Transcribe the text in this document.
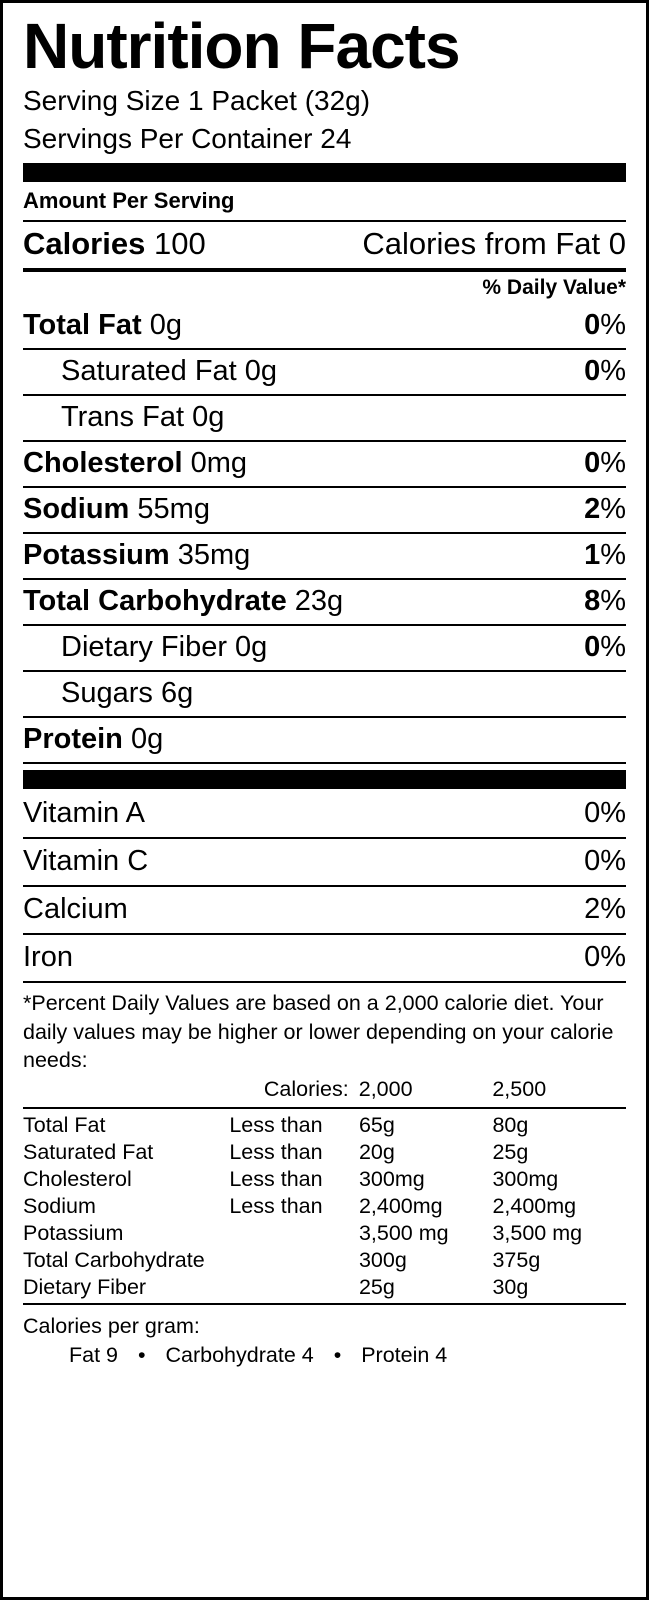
Nutrition Facts
Serving Size 1 Packet (32g)
Servings Per Container 24
Amount Per Serving
Calories 100	Calories from Fat 0
% Daily Value*
Total Fat 0g	0%
Saturated Fat 0g	0%
Trans Fat 0g

Cholesterol 0mg	0%
Sodium 55mg	2%
Potassium 35mg	1%
Total Carbohydrate 23g	8%
Dietary Fiber 0g	0%
Sugars 6g

Protein 0g

Vitamin A	0%
Vitamin C	0%
Calcium	2%
Iron	0%
*Percent Daily Values are based on a 2,000 calorie diet. Your daily values may be higher or lower depending on your calorie needs:
	Calories:	2,000	2,500
Total Fat	Less than	65g	80g
Saturated Fat	Less than	20g	25g
Cholesterol	Less than	300mg	300mg
Sodium	Less than	2,400mg	2,400mg
Potassium		3,500 mg	3,500 mg
Total Carbohydrate		300g	375g
Dietary Fiber		25g	30g
Calories per gram:
Fat 9 • Carbohydrate 4 • Protein 4
